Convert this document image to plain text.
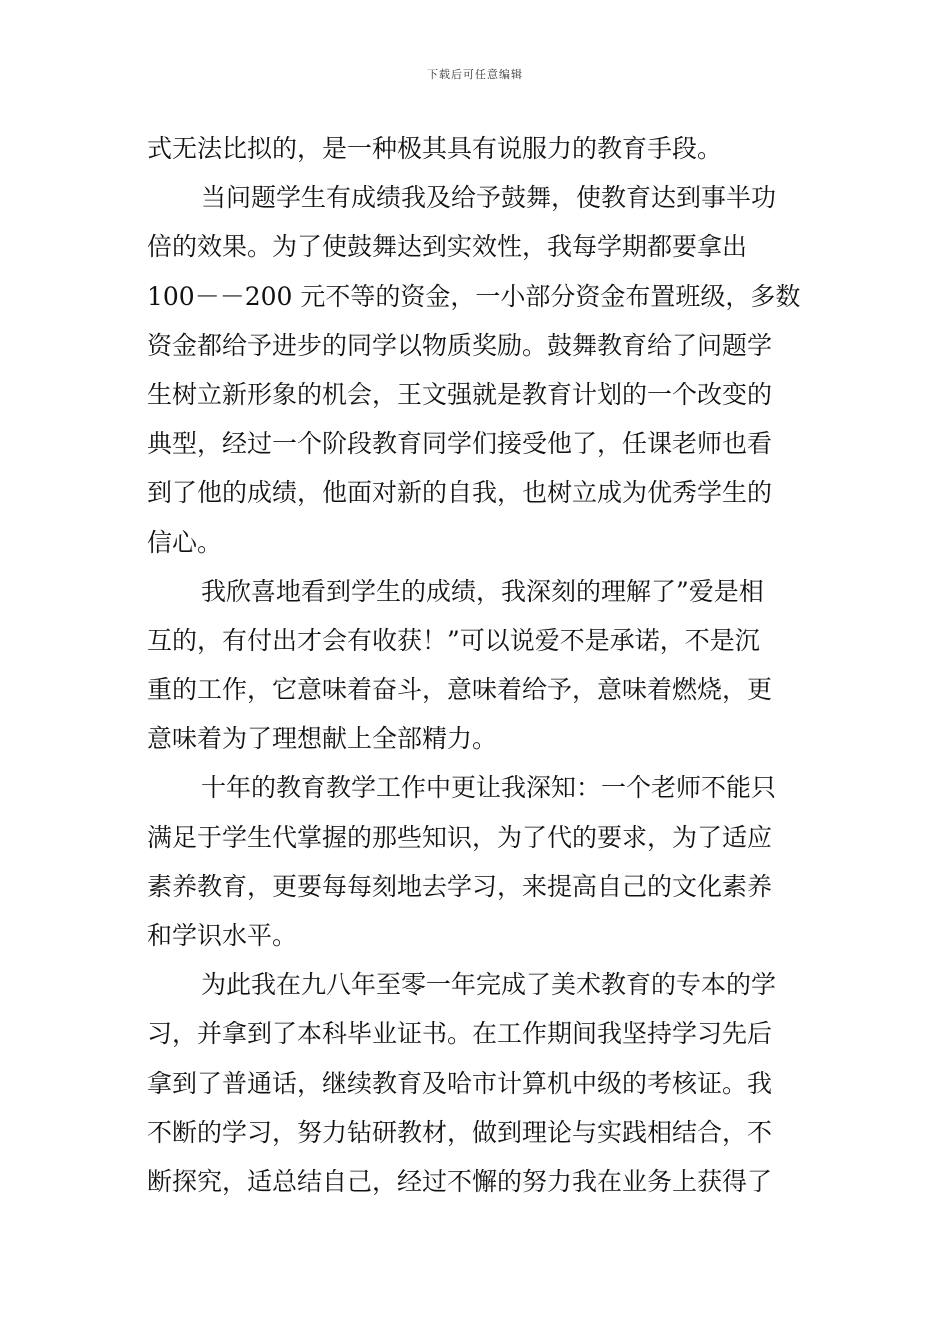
下载后可任意编辑
式无法比拟的，是一种极其具有说服力的教育手段。
当问题学生有成绩我及给予鼓舞，使教育达到事半功
倍的效果。为了使鼓舞达到实效性，我每学期都要拿出
100－－200 元不等的资金，一小部分资金布置班级，多数
资金都给予进步的同学以物质奖励。鼓舞教育给了问题学
生树立新形象的机会，王文强就是教育计划的一个改变的
典型，经过一个阶段教育同学们接受他了，任课老师也看
到了他的成绩，他面对新的自我，也树立成为优秀学生的
信心。
我欣喜地看到学生的成绩，我深刻的理解了”爱是相
互的，有付出才会有收获！”可以说爱不是承诺，不是沉
重的工作，它意味着奋斗，意味着给予，意味着燃烧，更
意味着为了理想献上全部精力。
十年的教育教学工作中更让我深知：一个老师不能只
满足于学生代掌握的那些知识，为了代的要求，为了适应
素养教育，更要每每刻地去学习，来提高自己的文化素养
和学识水平。
为此我在九八年至零一年完成了美术教育的专本的学
习，并拿到了本科毕业证书。在工作期间我坚持学习先后
拿到了普通话，继续教育及哈市计算机中级的考核证。我
不断的学习，努力钻研教材，做到理论与实践相结合，不
断探究，适总结自己，经过不懈的努力我在业务上获得了
